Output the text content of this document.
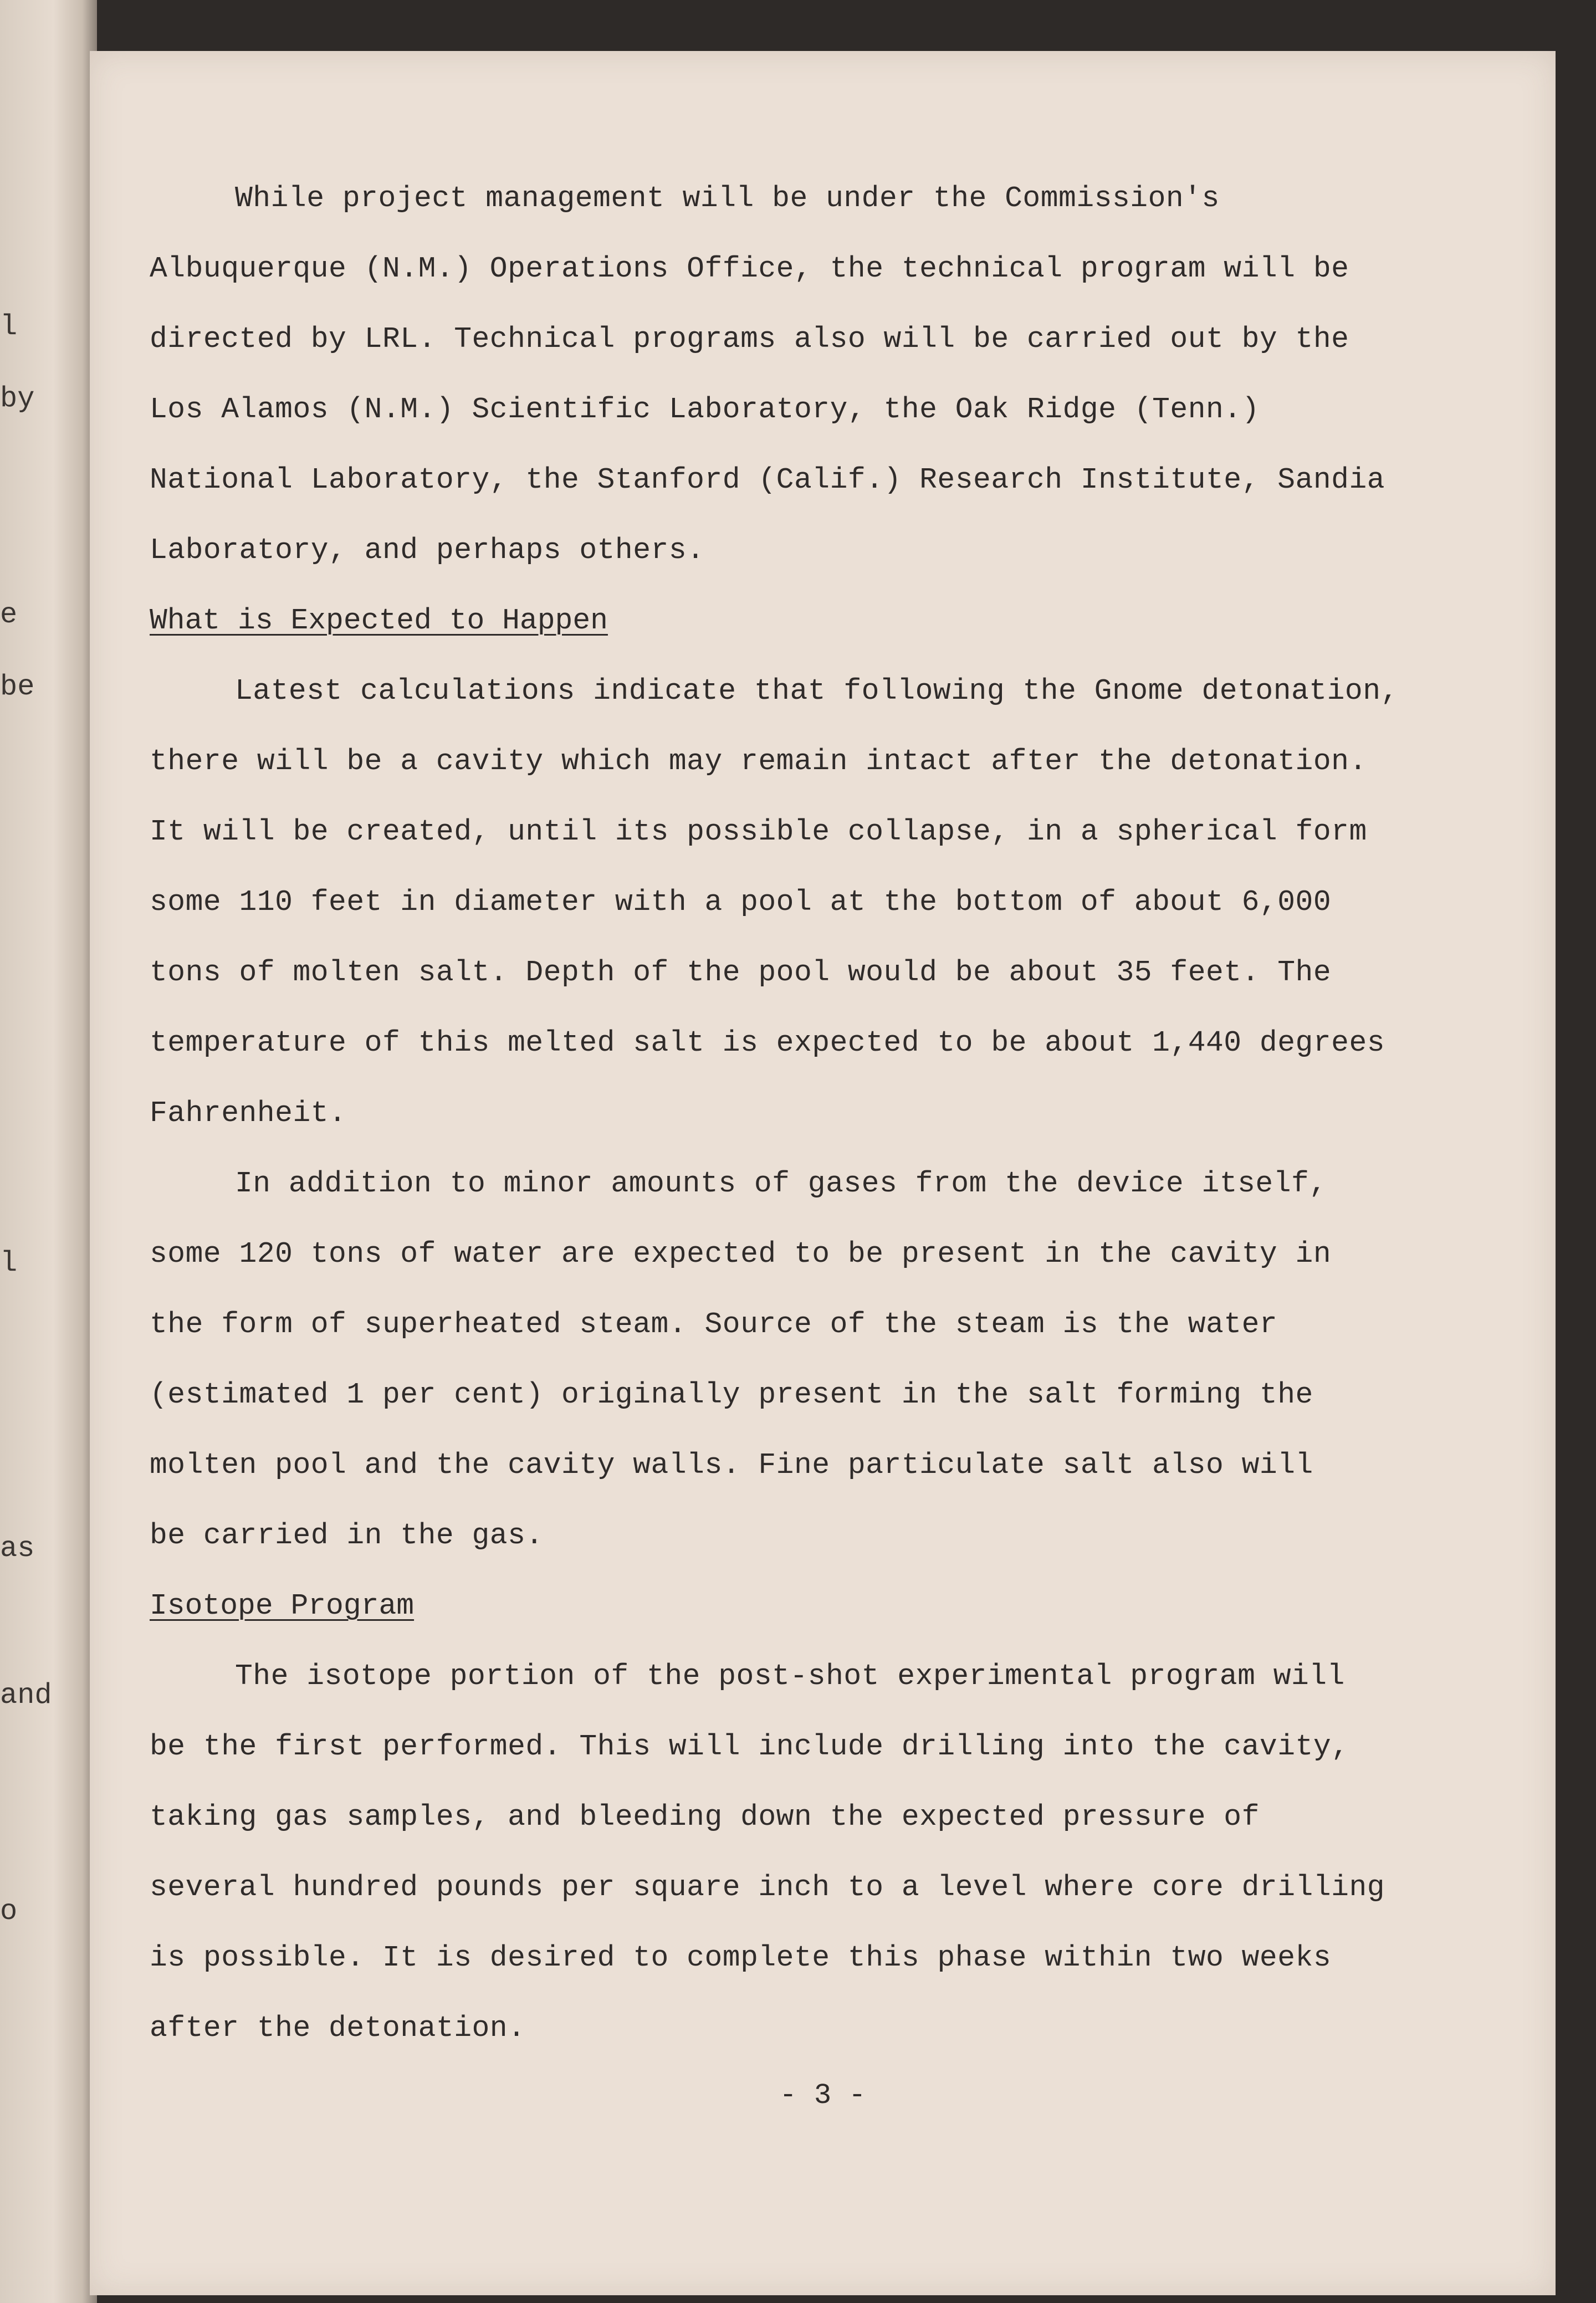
l
by
e
be
l
as
and
o
While project management will be under the Commission's
Albuquerque (N.M.) Operations Office, the technical program will be
directed by LRL. Technical programs also will be carried out by the
Los Alamos (N.M.) Scientific Laboratory, the Oak Ridge (Tenn.)
National Laboratory, the Stanford (Calif.) Research Institute, Sandia
Laboratory, and perhaps others.
What is Expected to Happen
Latest calculations indicate that following the Gnome detonation,
there will be a cavity which may remain intact after the detonation.
It will be created, until its possible collapse, in a spherical form
some 110 feet in diameter with a pool at the bottom of about 6,000
tons of molten salt. Depth of the pool would be about 35 feet. The
temperature of this melted salt is expected to be about 1,440 degrees
Fahrenheit.
In addition to minor amounts of gases from the device itself,
some 120 tons of water are expected to be present in the cavity in
the form of superheated steam. Source of the steam is the water
(estimated 1 per cent) originally present in the salt forming the
molten pool and the cavity walls. Fine particulate salt also will
be carried in the gas.
Isotope Program
The isotope portion of the post-shot experimental program will
be the first performed. This will include drilling into the cavity,
taking gas samples, and bleeding down the expected pressure of
several hundred pounds per square inch to a level where core drilling
is possible. It is desired to complete this phase within two weeks
after the detonation.
- 3 -
